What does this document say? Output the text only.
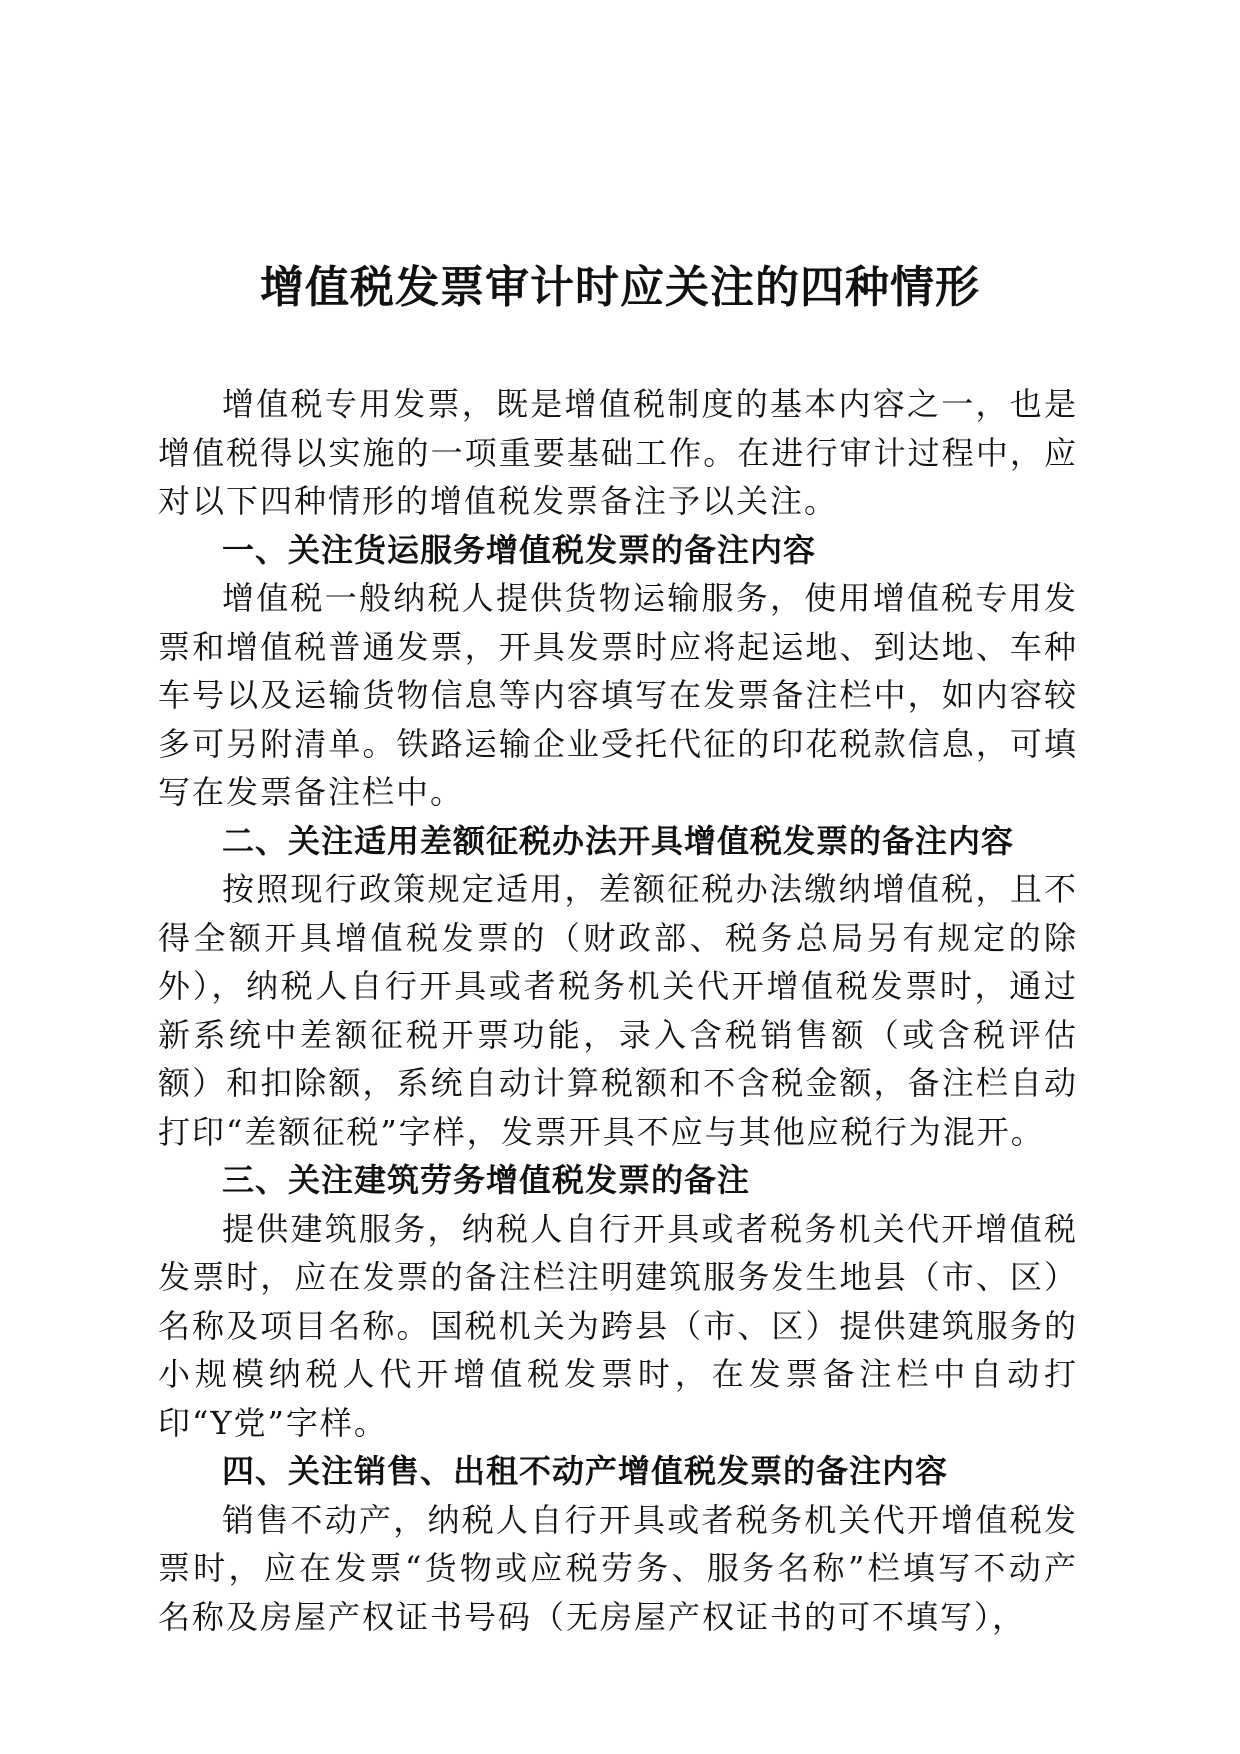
增值税发票审计时应关注的四种情形

增值税专用发票，既是增值税制度的基本内容之一，也是增值税得以实施的一项重要基础工作。在进行审计过程中，应对以下四种情形的增值税发票备注予以关注。

一、关注货运服务增值税发票的备注内容

增值税一般纳税人提供货物运输服务，使用增值税专用发票和增值税普通发票，开具发票时应将起运地、到达地、车种车号以及运输货物信息等内容填写在发票备注栏中，如内容较多可另附清单。铁路运输企业受托代征的印花税款信息，可填写在发票备注栏中。

二、关注适用差额征税办法开具增值税发票的备注内容

按照现行政策规定适用，差额征税办法缴纳增值税，且不得全额开具增值税发票的（财政部、税务总局另有规定的除外），纳税人自行开具或者税务机关代开增值税发票时，通过新系统中差额征税开票功能，录入含税销售额（或含税评估额）和扣除额，系统自动计算税额和不含税金额，备注栏自动打印“差额征税”字样，发票开具不应与其他应税行为混开。

三、关注建筑劳务增值税发票的备注

提供建筑服务，纳税人自行开具或者税务机关代开增值税发票时，应在发票的备注栏注明建筑服务发生地县（市、区）名称及项目名称。国税机关为跨县（市、区）提供建筑服务的小规模纳税人代开增值税发票时，在发票备注栏中自动打印“Y党”字样。

四、关注销售、出租不动产增值税发票的备注内容

销售不动产，纳税人自行开具或者税务机关代开增值税发票时，应在发票“货物或应税劳务、服务名称”栏填写不动产名称及房屋产权证书号码（无房屋产权证书的可不填写），
